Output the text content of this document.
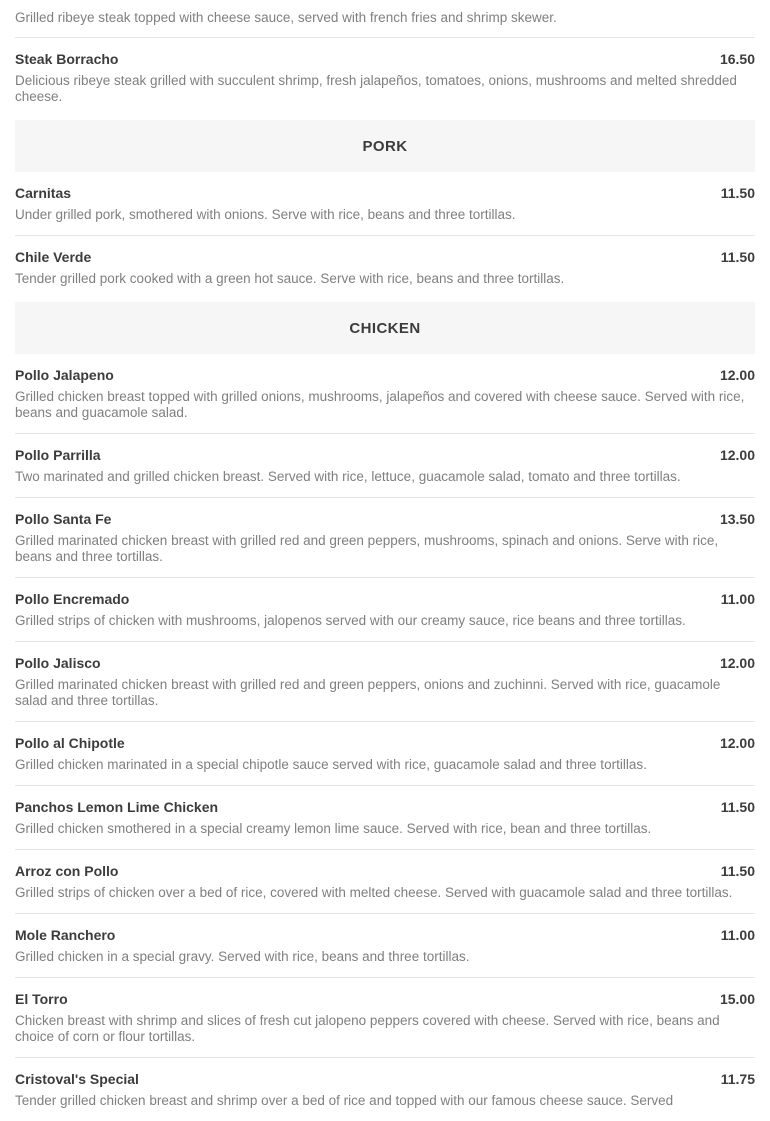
Grilled ribeye steak topped with cheese sauce, served with french fries and shrimp skewer.

Steak Borracho	16.50

Delicious ribeye steak grilled with succulent shrimp, fresh jalapeños, tomatoes, onions, mushrooms and melted shredded cheese.

PORK
Carnitas	11.50

Under grilled pork, smothered with onions. Serve with rice, beans and three tortillas.

Chile Verde	11.50

Tender grilled pork cooked with a green hot sauce. Serve with rice, beans and three tortillas.

CHICKEN
Pollo Jalapeno	12.00

Grilled chicken breast topped with grilled onions, mushrooms, jalapeños and covered with cheese sauce. Served with rice, beans and guacamole salad.

Pollo Parrilla	12.00

Two marinated and grilled chicken breast. Served with rice, lettuce, guacamole salad, tomato and three tortillas.

Pollo Santa Fe	13.50

Grilled marinated chicken breast with grilled red and green peppers, mushrooms, spinach and onions. Serve with rice, beans and three tortillas.

Pollo Encremado	11.00

Grilled strips of chicken with mushrooms, jalopenos served with our creamy sauce, rice beans and three tortillas.

Pollo Jalisco	12.00

Grilled marinated chicken breast with grilled red and green peppers, onions and zuchinni. Served with rice, guacamole salad and three tortillas.

Pollo al Chipotle	12.00

Grilled chicken marinated in a special chipotle sauce served with rice, guacamole salad and three tortillas.

Panchos Lemon Lime Chicken	11.50

Grilled chicken smothered in a special creamy lemon lime sauce. Served with rice, bean and three tortillas.

Arroz con Pollo	11.50

Grilled strips of chicken over a bed of rice, covered with melted cheese. Served with guacamole salad and three tortillas.

Mole Ranchero	11.00

Grilled chicken in a special gravy. Served with rice, beans and three tortillas.

El Torro	15.00

Chicken breast with shrimp and slices of fresh cut jalopeno peppers covered with cheese. Served with rice, beans and choice of corn or flour tortillas.

Cristoval's Special	11.75

Tender grilled chicken breast and shrimp over a bed of rice and topped with our famous cheese sauce. Served
